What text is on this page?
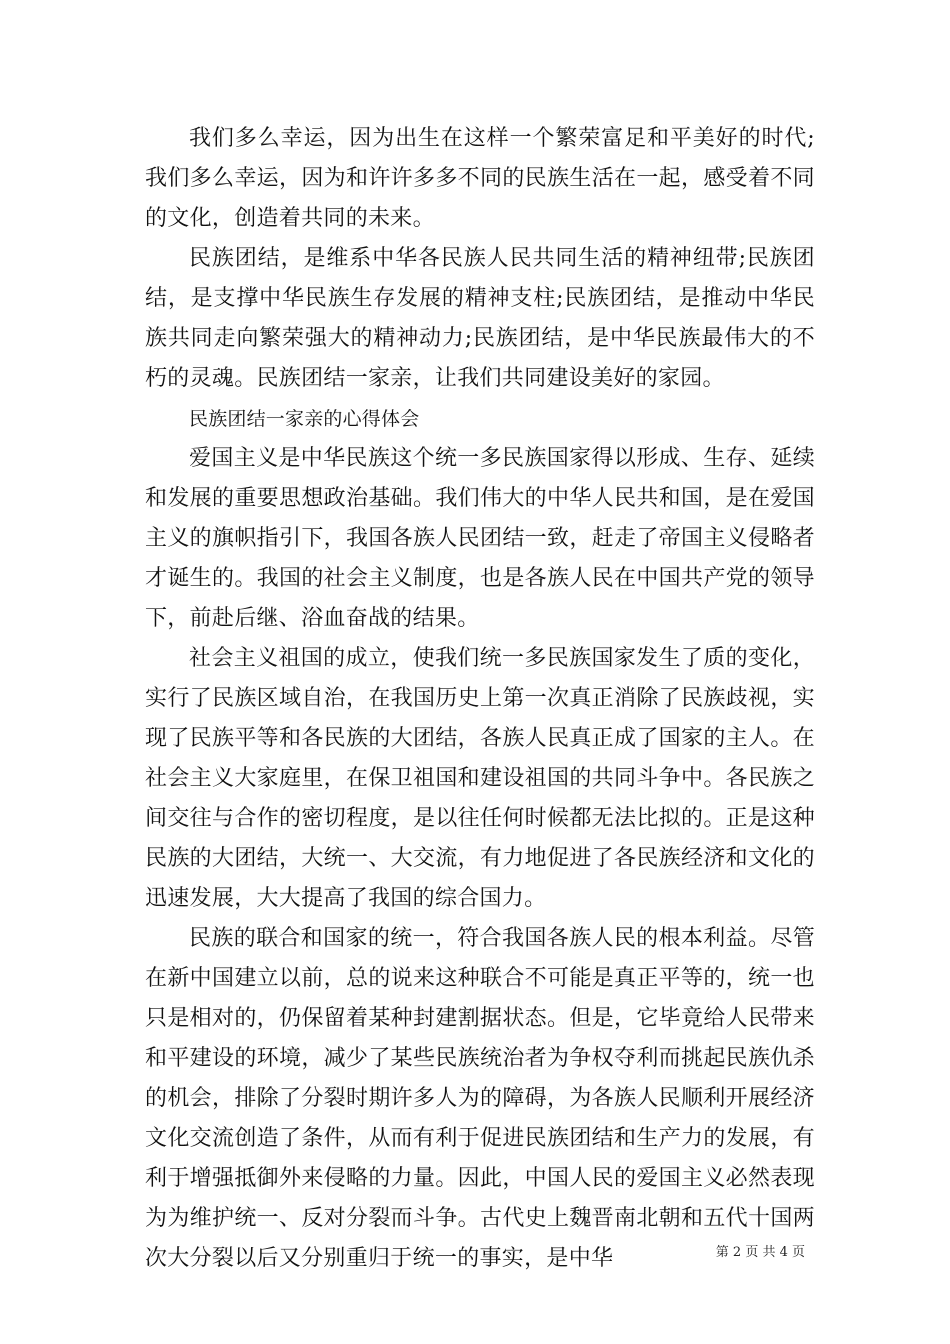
我们多么幸运，因为出生在这样一个繁荣富足和平美好的时代;我们多么幸运，因为和许许多多不同的民族生活在一起，感受着不同的文化，创造着共同的未来。

民族团结，是维系中华各民族人民共同生活的精神纽带;民族团结，是支撑中华民族生存发展的精神支柱;民族团结，是推动中华民族共同走向繁荣强大的精神动力;民族团结，是中华民族最伟大的不朽的灵魂。民族团结一家亲，让我们共同建设美好的家园。

民族团结一家亲的心得体会

爱国主义是中华民族这个统一多民族国家得以形成、生存、延续和发展的重要思想政治基础。我们伟大的中华人民共和国，是在爱国主义的旗帜指引下，我国各族人民团结一致，赶走了帝国主义侵略者才诞生的。我国的社会主义制度，也是各族人民在中国共产党的领导下，前赴后继、浴血奋战的结果。

社会主义祖国的成立，使我们统一多民族国家发生了质的变化，实行了民族区域自治，在我国历史上第一次真正消除了民族歧视，实现了民族平等和各民族的大团结，各族人民真正成了国家的主人。在社会主义大家庭里，在保卫祖国和建设祖国的共同斗争中。各民族之间交往与合作的密切程度，是以往任何时候都无法比拟的。正是这种民族的大团结，大统一、大交流，有力地促进了各民族经济和文化的迅速发展，大大提高了我国的综合国力。

民族的联合和国家的统一，符合我国各族人民的根本利益。尽管在新中国建立以前，总的说来这种联合不可能是真正平等的，统一也只是相对的，仍保留着某种封建割据状态。但是，它毕竟给人民带来和平建设的环境，减少了某些民族统治者为争权夺利而挑起民族仇杀的机会，排除了分裂时期许多人为的障碍，为各族人民顺利开展经济文化交流创造了条件，从而有利于促进民族团结和生产力的发展，有利于增强抵御外来侵略的力量。因此，中国人民的爱国主义必然表现为为维护统一、反对分裂而斗争。古代史上魏晋南北朝和五代十国两次大分裂以后又分别重归于统一的事实，是中华	第 2 页 共 4 页
